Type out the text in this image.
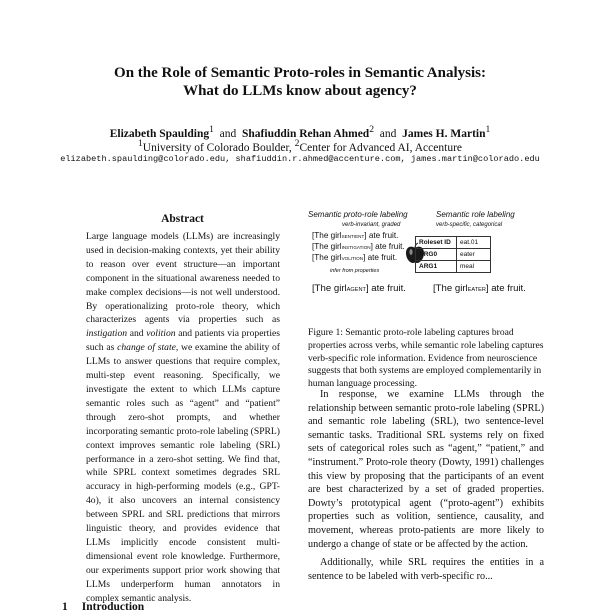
On the Role of Semantic Proto-roles in Semantic Analysis:
What do LLMs know about agency?
Elizabeth Spaulding$^1$ and Shafiuddin Rehan Ahmed$^2$ and James H. Martin$^1$
$^1$University of Colorado Boulder, $^2$Center for Advanced AI, Accenture
elizabeth.spaulding@colorado.edu, shafiuddin.r.ahmed@accenture.com, james.martin@colorado.edu
Abstract
Large language models (LLMs) are increasingly used in decision-making contexts, yet their ability to reason over event structure—an important component in the situational awareness needed to make complex decisions—is not well understood. By operationalizing proto-role theory, which characterizes agents via properties such as instigation and volition and patients via properties such as change of state, we examine the ability of LLMs to answer questions that require complex, multi-step event reasoning. Specifically, we investigate the extent to which LLMs capture semantic roles such as “agent” and “patient” through zero-shot prompts, and whether incorporating semantic proto-role labeling (SPRL) context improves semantic role labeling (SRL) performance in a zero-shot setting. We find that, while SPRL context sometimes degrades SRL accuracy in high-performing models (e.g., GPT-4o), it also uncovers an internal consistency between SPRL and SRL predictions that mirrors linguistic theory, and provides evidence that LLMs implicitly encode consistent multi-dimensional event role knowledge. Furthermore, our experiments support prior work showing that LLMs underperform human annotators in complex semantic analysis.
1 Introduction
Semantic proto-role labeling	Semantic role labeling
verb-invariant, graded	verb-specific, categorical
[The girlSENTIENT] ate fruit.
[The girlINSTIGATION] ate fruit.
[The girlVOLITION] ate fruit.
infer from properties
Roleset ID	eat.01
ARG0	eater
ARG1	meal
[The girlAGENT] ate fruit.	[The girlEATER] ate fruit.
Figure 1: Semantic proto-role labeling captures broad properties across verbs, while semantic role labeling captures verb-specific role information. Evidence from neuroscience suggests that both systems are employed complementarily in human language processing.

In response, we examine LLMs through the relationship between semantic proto-role labeling (SPRL) and semantic role labeling (SRL), two sentence-level semantic tasks. Traditional SRL systems rely on fixed sets of categorical roles such as “agent,” “patient,” and “instrument.” Proto-role theory (Dowty, 1991) challenges this view by proposing that the participants of an event are best characterized by a set of graded properties. Dowty’s prototypical agent (“proto-agent”) exhibits properties such as volition, sentience, causality, and movement, whereas proto-patients are more likely to undergo a change of state or be affected by the action.

Additionally, while SRL requires the entities in a sentence to be labeled with verb-specific ro...
